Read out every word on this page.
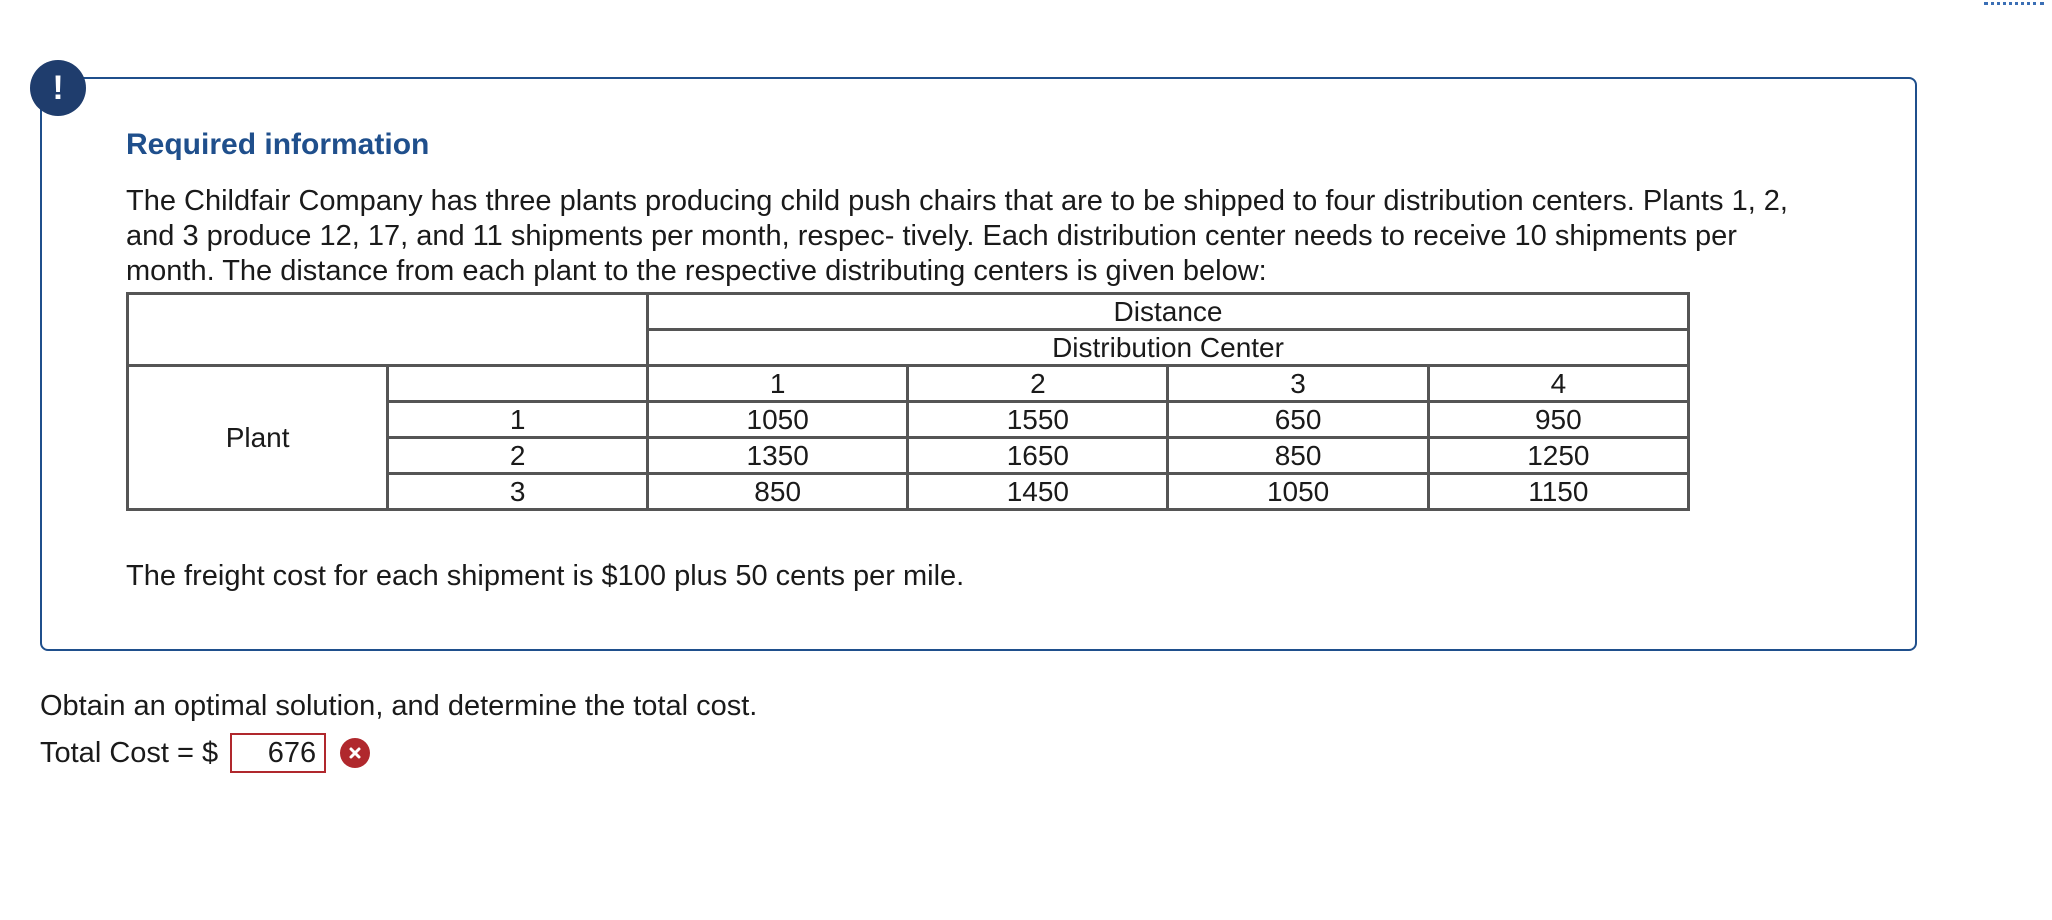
!
Required information
The Childfair Company has three plants producing child push chairs that are to be shipped to four distribution centers. Plants 1, 2, and 3 produce 12, 17, and 11 shipments per month, respec- tively. Each distribution center needs to receive 10 shipments per month. The distance from each plant to the respective distributing centers is given below:
		Distance			
		Distribution Center			
Plant		1	2	3	4
	1	1050	1550	650	950
	2	1350	1650	850	1250
	3	850	1450	1050	1150
The freight cost for each shipment is $100 plus 50 cents per mile.
Obtain an optimal solution, and determine the total cost.
Total Cost = $
676
